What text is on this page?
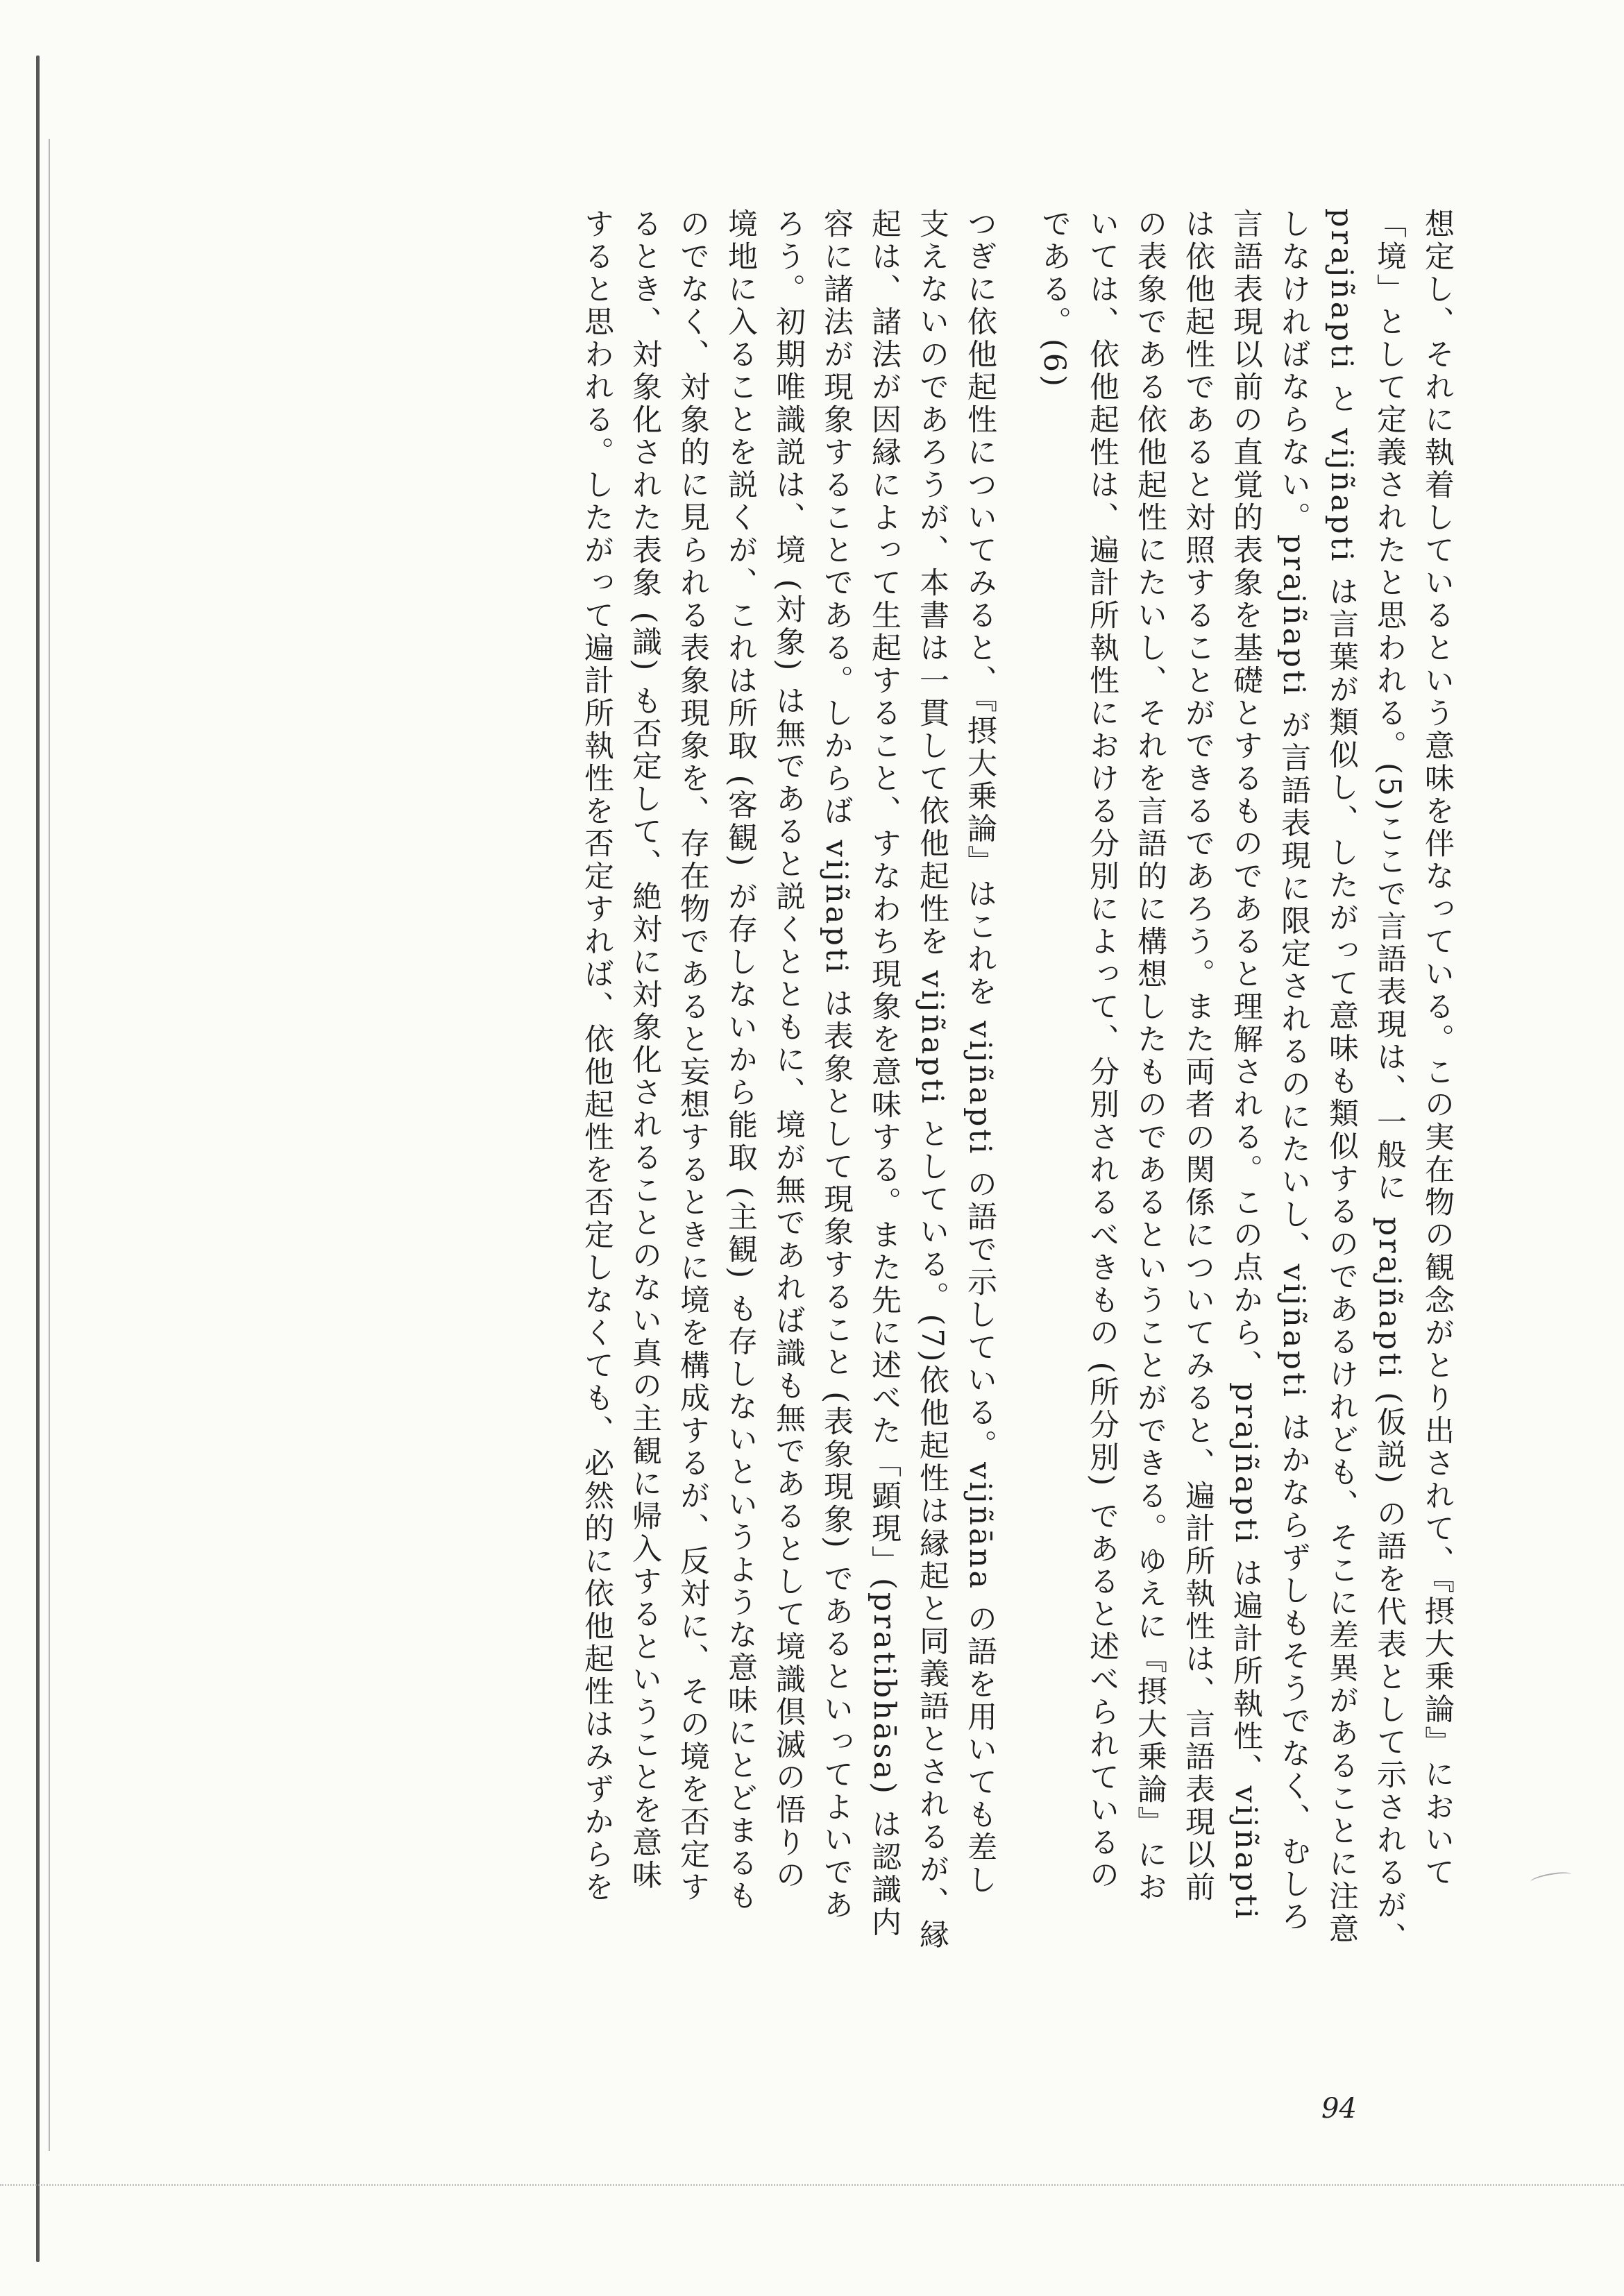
想定し、それに執着しているという意味を伴なっている。この実在物の観念がとり出されて、『摂大乗論』において
「境」として定義されたと思われる。(5)ここで言語表現は、一般に prajñapti (仮説) の語を代表として示されるが、
prajñapti と vijñapti は言葉が類似し、したがって意味も類似するのであるけれども、そこに差異があることに注意
しなければならない。prajñapti が言語表現に限定されるのにたいし、vijñapti はかならずしもそうでなく、むしろ
言語表現以前の直覚的表象を基礎とするものであると理解される。この点から、prajñapti は遍計所執性、vijñapti
は依他起性であると対照することができるであろう。また両者の関係についてみると、遍計所執性は、言語表現以前
の表象である依他起性にたいし、それを言語的に構想したものであるということができる。ゆえに『摂大乗論』にお
いては、依他起性は、遍計所執性における分別によって、分別されるべきもの (所分別) であると述べられているの
である。(6)
つぎに依他起性についてみると、『摂大乗論』はこれを vijñapti の語で示している。vijñāna の語を用いても差し
支えないのであろうが、本書は一貫して依他起性を vijñapti としている。(7)依他起性は縁起と同義語とされるが、縁
起は、諸法が因縁によって生起すること、すなわち現象を意味する。また先に述べた「顕現」(pratibhāsa) は認識内
容に諸法が現象することである。しからば vijñapti は表象として現象すること (表象現象) であるといってよいであ
ろう。初期唯識説は、境 (対象) は無であると説くとともに、境が無であれば識も無であるとして境識倶滅の悟りの
境地に入ることを説くが、これは所取 (客観) が存しないから能取 (主観) も存しないというような意味にとどまるも
のでなく、対象的に見られる表象現象を、存在物であると妄想するときに境を構成するが、反対に、その境を否定す
るとき、対象化された表象 (識) も否定して、絶対に対象化されることのない真の主観に帰入するということを意味
すると思われる。したがって遍計所執性を否定すれば、依他起性を否定しなくても、必然的に依他起性はみずからを
94
